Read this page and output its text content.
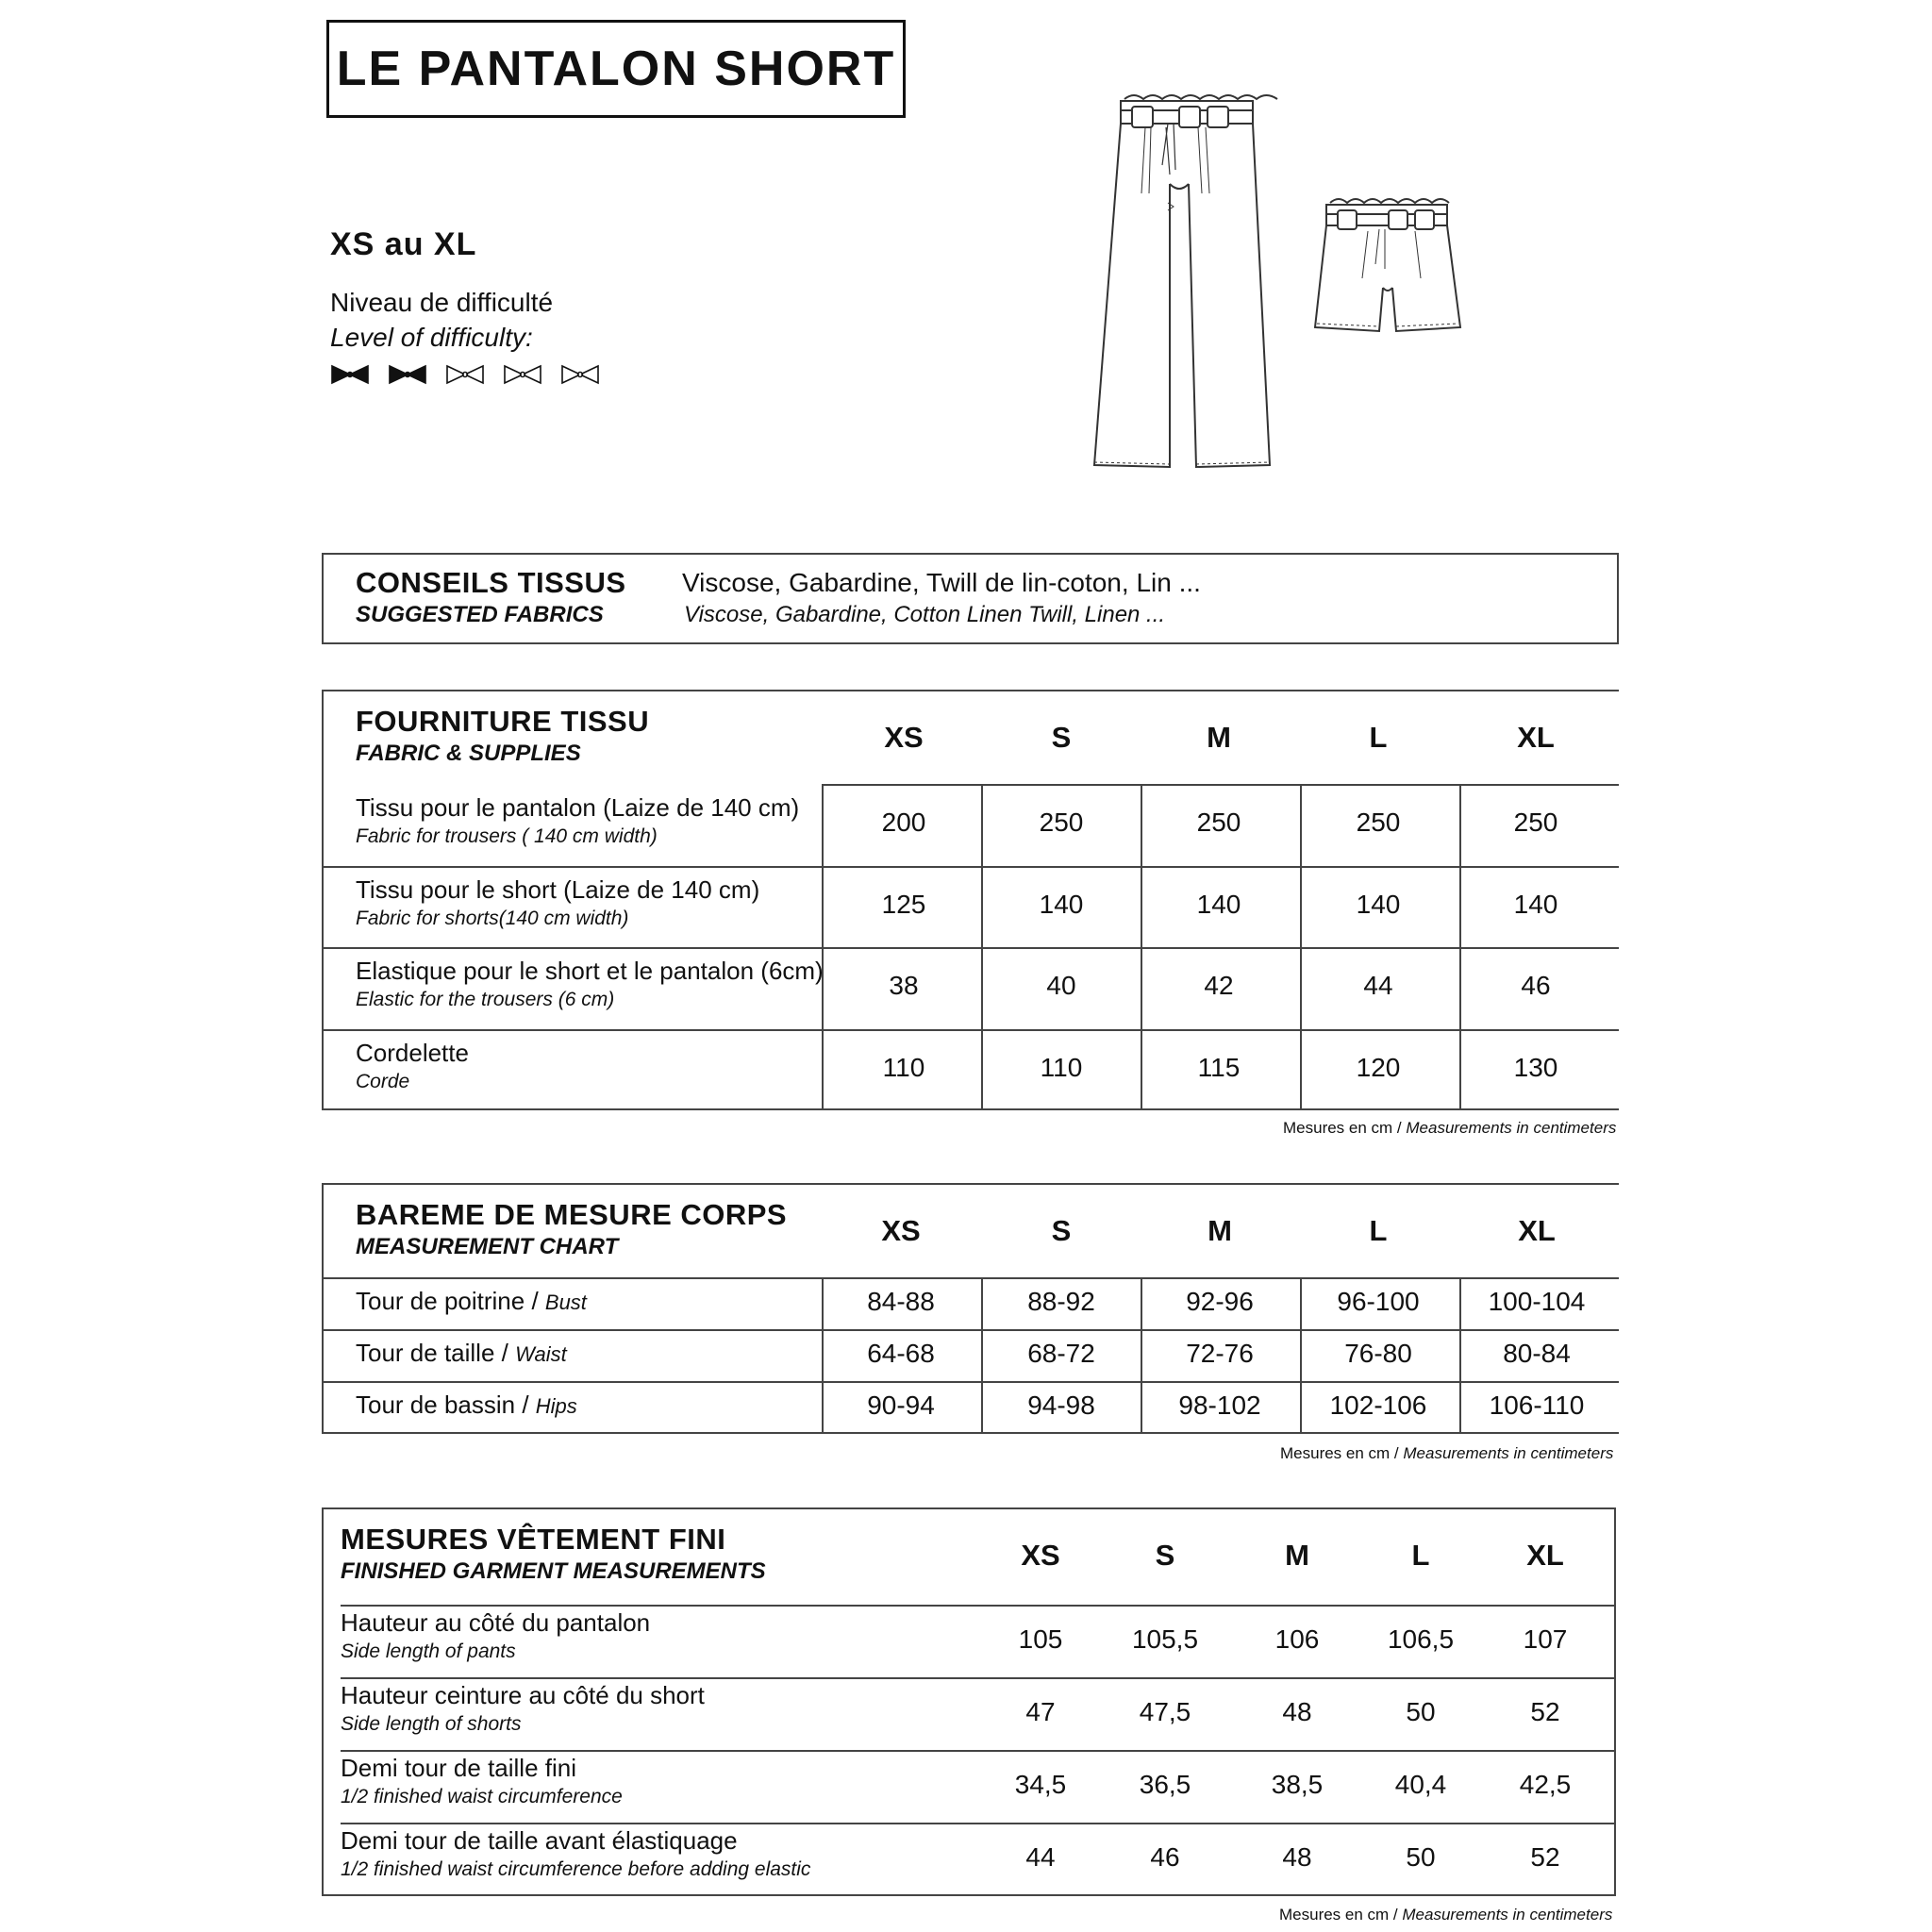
LE PANTALON SHORT
XS au XL
Niveau de difficulté
Level of difficulty:
CONSEILS TISSUS
SUGGESTED FABRICS
Viscose, Gabardine, Twill de lin-coton, Lin ...
Viscose, Gabardine, Cotton Linen Twill, Linen ...
FOURNITURE TISSU
FABRIC & SUPPLIES	XS	S	M	L	XL
Tissu pour le pantalon (Laize de 140 cm)
Fabric for trousers ( 140 cm width)	200	250	250	250	250
Tissu pour le short (Laize de 140 cm)
Fabric for shorts(140 cm width)	125	140	140	140	140
Elastique pour le short et le pantalon (6cm)
Elastic for the trousers (6 cm)	38	40	42	44	46
Cordelette
Corde	110	110	115	120	130
Mesures en cm / Measurements in centimeters
BAREME DE MESURE CORPS
MEASUREMENT CHART	XS	S	M	L	XL
Tour de poitrine / Bust	84-88	88-92	92-96	96-100	100-104
Tour de taille / Waist	64-68	68-72	72-76	76-80	80-84
Tour de bassin / Hips	90-94	94-98	98-102	102-106	106-110
Mesures en cm / Measurements in centimeters
MESURES VÊTEMENT FINI
FINISHED GARMENT MEASUREMENTS	XS	S	M	L	XL
Hauteur au côté du pantalon
Side length of pants	105	105,5	106	106,5	107
Hauteur ceinture au côté du short
Side length of shorts	47	47,5	48	50	52
Demi tour de taille fini
1/2 finished waist circumference	34,5	36,5	38,5	40,4	42,5
Demi tour de taille avant élastiquage
1/2 finished waist circumference before adding elastic	44	46	48	50	52
Mesures en cm / Measurements in centimeters
